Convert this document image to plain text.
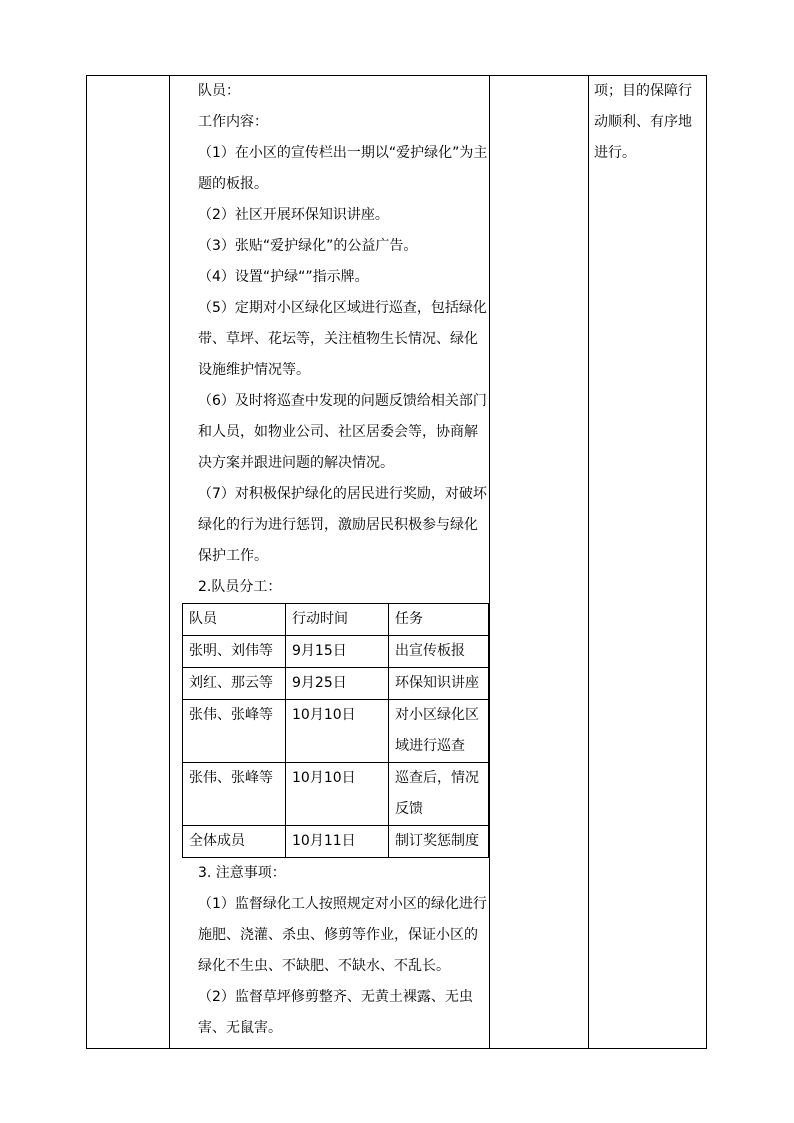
队员：

工作内容：

（1）在小区的宣传栏出一期以“爱护绿化”为主题的板报。

（2）社区开展环保知识讲座。

（3）张贴“爱护绿化”的公益广告。

（4）设置“护绿“”指示牌。

（5）定期对小区绿化区域进行巡查，包括绿化带、草坪、花坛等，关注植物生长情况、绿化设施维护情况等。

（6）及时将巡查中发现的问题反馈给相关部门和人员，如物业公司、社区居委会等，协商解决方案并跟进问题的解决情况。

（7）对积极保护绿化的居民进行奖励，对破坏绿化的行为进行惩罚，激励居民积极参与绿化保护工作。

2.队员分工：

队员	行动时间	任务
张明、刘伟等	9月15日	出宣传板报
刘红、那云等	9月25日	环保知识讲座
张伟、张峰等	10月10日	对小区绿化区域进行巡查
张伟、张峰等	10月10日	巡查后，情况反馈
全体成员	10月11日	制订奖惩制度

3. 注意事项：

（1）监督绿化工人按照规定对小区的绿化进行施肥、浇灌、杀虫、修剪等作业，保证小区的绿化不生虫、不缺肥、不缺水、不乱长。

（2）监督草坪修剪整齐、无黄土裸露、无虫害、无鼠害。

项；目的保障行动顺利、有序地进行。
